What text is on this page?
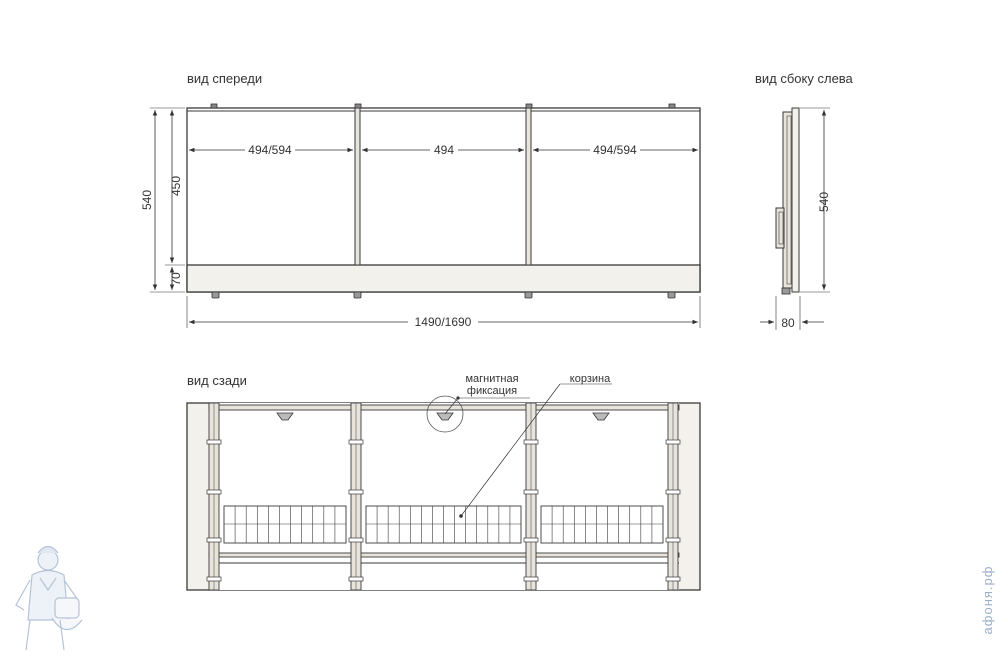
вид спереди
494/594	494	494/594
540
450
70
1490/1690
вид сбоку слева
540
80
вид сзади	магнитная
фиксация
корзина
афоня.рф
